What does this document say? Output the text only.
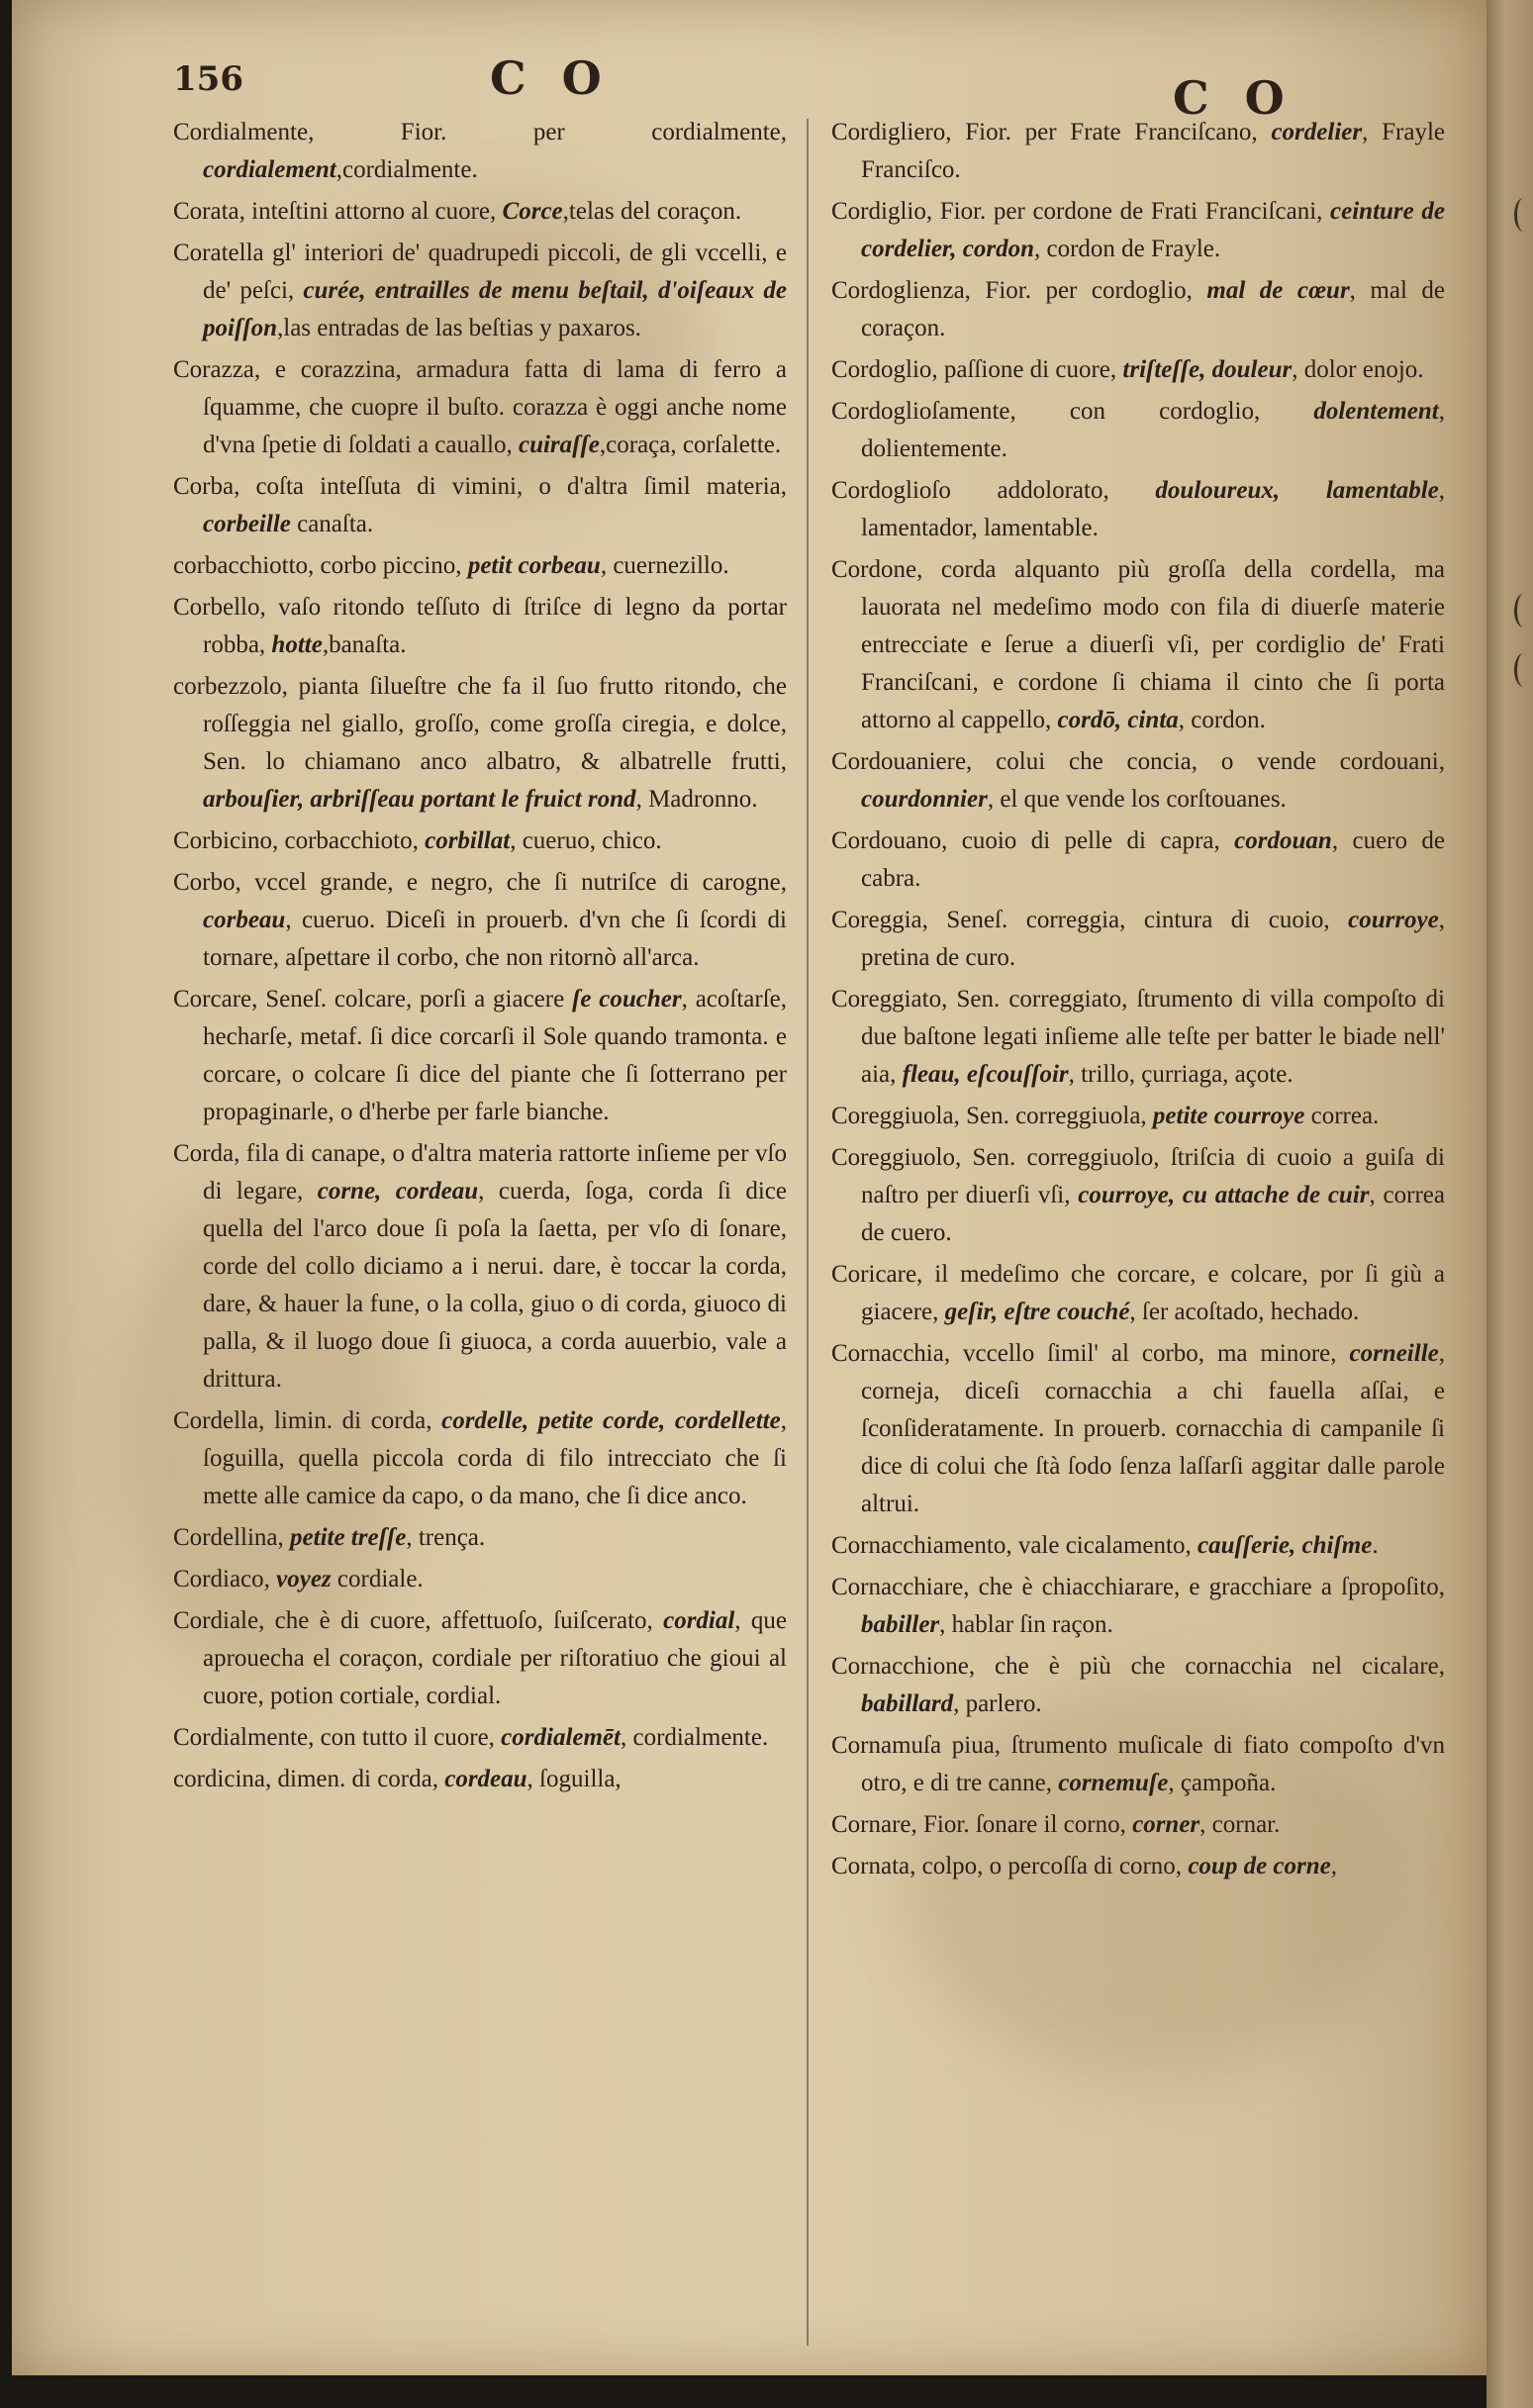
156	C O	C O

Cordialmente, Fior. per cordialmente, cordialement,cordialmente.

Corata, inteſtini attorno al cuore, Corce,telas del coraçon.

Coratella gl' interiori de' quadrupedi piccoli, de gli vccelli, e de' peſci, curée, entrailles de menu beſtail, d'oiſeaux de poiſſon,las entradas de las beſtias y paxaros.

Corazza, e corazzina, armadura fatta di lama di ferro a ſquamme, che cuopre il buſto. corazza è oggi anche nome d'vna ſpetie di ſoldati a cauallo, cuiraſſe,coraça, corſalette.

Corba, coſta inteſſuta di vimini, o d'altra ſimil materia, corbeille canaſta.

corbacchiotto, corbo piccino, petit corbeau, cuernezillo.

Corbello, vaſo ritondo teſſuto di ſtriſce di legno da portar robba, hotte,banaſta.

corbezzolo, pianta ſilueſtre che fa il ſuo frutto ritondo, che roſſeggia nel giallo, groſſo, come groſſa ciregia, e dolce, Sen. lo chiamano anco albatro, & albatrelle frutti, arbouſier, arbriſſeau portant le fruict rond, Madronno.

Corbicino, corbacchioto, corbillat, cueruo, chico.

Corbo, vccel grande, e negro, che ſi nutriſce di carogne, corbeau, cueruo. Diceſi in prouerb. d'vn che ſi ſcordi di tornare, aſpettare il corbo, che non ritornò all'arca.

Corcare, Seneſ. colcare, porſi a giacere ſe coucher, acoſtarſe, hecharſe, metaf. ſi dice corcarſi il Sole quando tramonta. e corcare, o colcare ſi dice del piante che ſi ſotterrano per propaginarle, o d'herbe per farle bianche.

Corda, fila di canape, o d'altra materia rattorte inſieme per vſo di legare, corne, cordeau, cuerda, ſoga, corda ſi dice quella del l'arco doue ſi poſa la ſaetta, per vſo di ſonare, corde del collo diciamo a i nerui. dare, è toccar la corda, dare, & hauer la fune, o la colla, giuo o di corda, giuoco di palla, & il luogo doue ſi giuoca, a corda auuerbio, vale a drittura.

Cordella, limin. di corda, cordelle, petite corde, cordellette, ſoguilla, quella piccola corda di filo intrecciato che ſi mette alle camice da capo, o da mano, che ſi dice anco.

Cordellina, petite treſſe, trença.

Cordiaco, voyez cordiale.

Cordiale, che è di cuore, affettuoſo, ſuiſcerato, cordial, que aprouecha el coraçon, cordiale per riſtoratiuo che gioui al cuore, potion cortiale, cordial.

Cordialmente, con tutto il cuore, cordialemēt, cordialmente.

cordicina, dimen. di corda, cordeau, ſoguilla,

Cordigliero, Fior. per Frate Franciſcano, cordelier, Frayle Franciſco.

Cordiglio, Fior. per cordone de Frati Franciſcani, ceinture de cordelier, cordon, cordon de Frayle.

Cordoglienza, Fior. per cordoglio, mal de cœur, mal de coraçon.

Cordoglio, paſſione di cuore, triſteſſe, douleur, dolor enojo.

Cordoglioſamente, con cordoglio, dolentement, dolientemente.

Cordoglioſo addolorato, douloureux, lamentable, lamentador, lamentable.

Cordone, corda alquanto più groſſa della cordella, ma lauorata nel medeſimo modo con fila di diuerſe materie entrecciate e ſerue a diuerſi vſi, per cordiglio de' Frati Franciſcani, e cordone ſi chiama il cinto che ſi porta attorno al cappello, cordō, cinta, cordon.

Cordouaniere, colui che concia, o vende cordouani, courdonnier, el que vende los corſtouanes.

Cordouano, cuoio di pelle di capra, cordouan, cuero de cabra.

Coreggia, Seneſ. correggia, cintura di cuoio, courroye, pretina de curo.

Coreggiato, Sen. correggiato, ſtrumento di villa compoſto di due baſtone legati inſieme alle teſte per batter le biade nell' aia, fleau, eſcouſſoir, trillo, çurriaga, açote.

Coreggiuola, Sen. correggiuola, petite courroye correa.

Coreggiuolo, Sen. correggiuolo, ſtriſcia di cuoio a guiſa di naſtro per diuerſi vſi, courroye, cu attache de cuir, correa de cuero.

Coricare, il medeſimo che corcare, e colcare, por ſi giù a giacere, geſir, eſtre couché, ſer acoſtado, hechado.

Cornacchia, vccello ſimil' al corbo, ma minore, corneille, corneja, diceſi cornacchia a chi fauella aſſai, e ſconſideratamente. In prouerb. cornacchia di campanile ſi dice di colui che ſtà ſodo ſenza laſſarſi aggitar dalle parole altrui.

Cornacchiamento, vale cicalamento, cauſſerie, chiſme.

Cornacchiare, che è chiacchiarare, e gracchiare a ſpropoſito, babiller, hablar ſin raçon.

Cornacchione, che è più che cornacchia nel cicalare, babillard, parlero.

Cornamuſa piua, ſtrumento muſicale di fiato compoſto d'vn otro, e di tre canne, cornemuſe, çampoña.

Cornare, Fior. ſonare il corno, corner, cornar.

Cornata, colpo, o percoſſa di corno, coup de corne,
